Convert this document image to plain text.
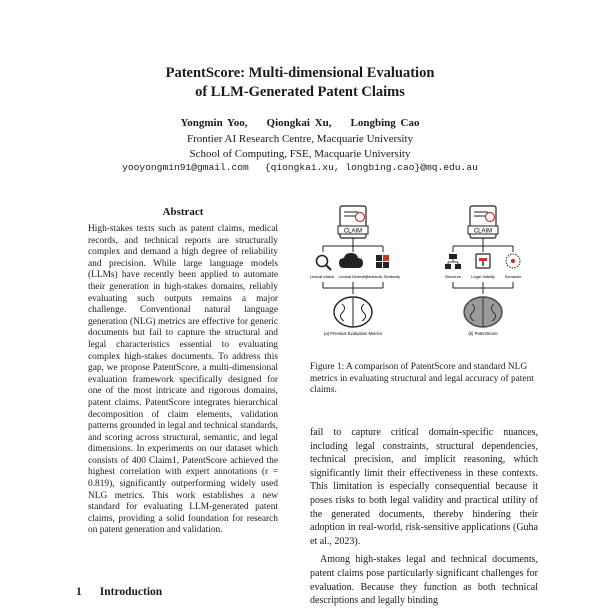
PatentScore: Multi-dimensional Evaluation
of LLM-Generated Patent Claims
Yongmin Yoo, Qiongkai Xu, Longbing Cao
Frontier AI Research Centre, Macquarie University
School of Computing, FSE, Macquarie University
yooyongmin91@gmail.com {qiongkai.xu, longbing.cao}@mq.edu.au
Abstract
High-stakes texts such as patent claims, medical records, and technical reports are structurally complex and demand a high degree of reliability and precision. While large language models (LLMs) have recently been applied to automate their generation in high-stakes domains, reliably evaluating such outputs remains a major challenge. Conventional natural language generation (NLG) metrics are effective for generic documents but fail to capture the structural and legal characteristics essential to evaluating complex high-stakes documents. To address this gap, we propose PatentScore, a multi-dimensional evaluation framework specifically designed for one of the most intricate and rigorous domains, patent claims. PatentScore integrates hierarchical decomposition of claim elements, validation patterns grounded in legal and technical standards, and scoring across structural, semantic, and legal dimensions. In experiments on our dataset which consists of 400 Claim1, PatentScore achieved the highest correlation with expert annotations (r = 0.819), significantly outperforming widely used NLG metrics. This work establishes a new standard for evaluating LLM-generated patent claims, providing a solid foundation for research on patent generation and validation.
1 Introduction
CLAIM
Lexical Match Lexical Diversity
Semantic Similarity
(a) Previous Evaluation Metrics
CLAIM
Structure	Legal Validity Semantic
(b) PatentScore
Figure 1: A comparison of PatentScore and standard NLG metrics in evaluating structural and legal accuracy of patent claims.

fail to capture critical domain-specific nuances, including legal constraints, structural dependencies, technical precision, and implicit reasoning, which significantly limit their effectiveness in these contexts. This limitation is especially consequential because it poses risks to both legal validity and practical utility of the generated documents, thereby hindering their adoption in real-world, risk-sensitive applications (Guha et al., 2023).

Among high-stakes legal and technical documents, patent claims pose particularly significant challenges for evaluation. Because they function as both technical descriptions and legally binding
